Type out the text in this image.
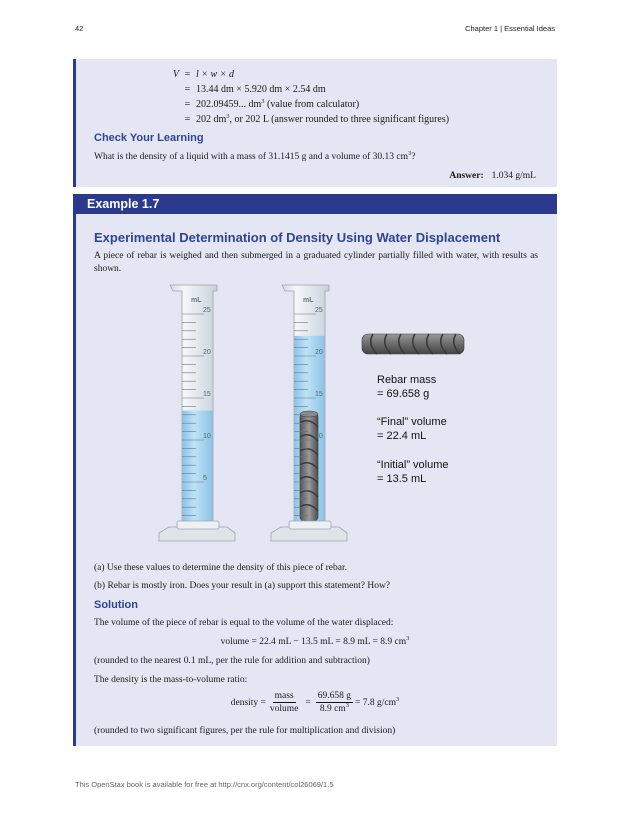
42	Chapter 1 | Essential Ideas
V = l × w × d
= 13.44 dm × 5.920 dm × 2.54 dm
= 202.09459... $dm^3$ (value from calculator)
= 202 $dm^3$, or 202 L (answer rounded to three significant figures)
Check Your Learning
What is the density of a liquid with a mass of 31.1415 g and a volume of 30.13 $cm^3$?
Answer: 1.034 g/mL
Example 1.7
Experimental Determination of Density Using Water Displacement
A piece of rebar is weighed and then submerged in a graduated cylinder partially filled with water, with results as shown.
25
20
15
10
5
mL
25
20
15
10
5
mL
Rebar mass
= 69.658 g
“Final” volume
= 22.4 mL
“Initial” volume
= 13.5 mL
(a) Use these values to determine the density of this piece of rebar.
(b) Rebar is mostly iron. Does your result in (a) support this statement? How?
Solution
The volume of the piece of rebar is equal to the volume of the water displaced:
volume = 22.4 mL − 13.5 mL = 8.9 mL = 8.9 $cm^3$
(rounded to the nearest 0.1 mL, per the rule for addition and subtraction)
The density is the mass-to-volume ratio:
density = $\frac{\text{mass}}{\text{volume}} = \frac{69.658 g}{8.9 cm^3} = 7.8$ $g/cm^3$
(rounded to two significant figures, per the rule for multiplication and division)
This OpenStax book is available for free at http://cnx.org/content/col26069/1.5
